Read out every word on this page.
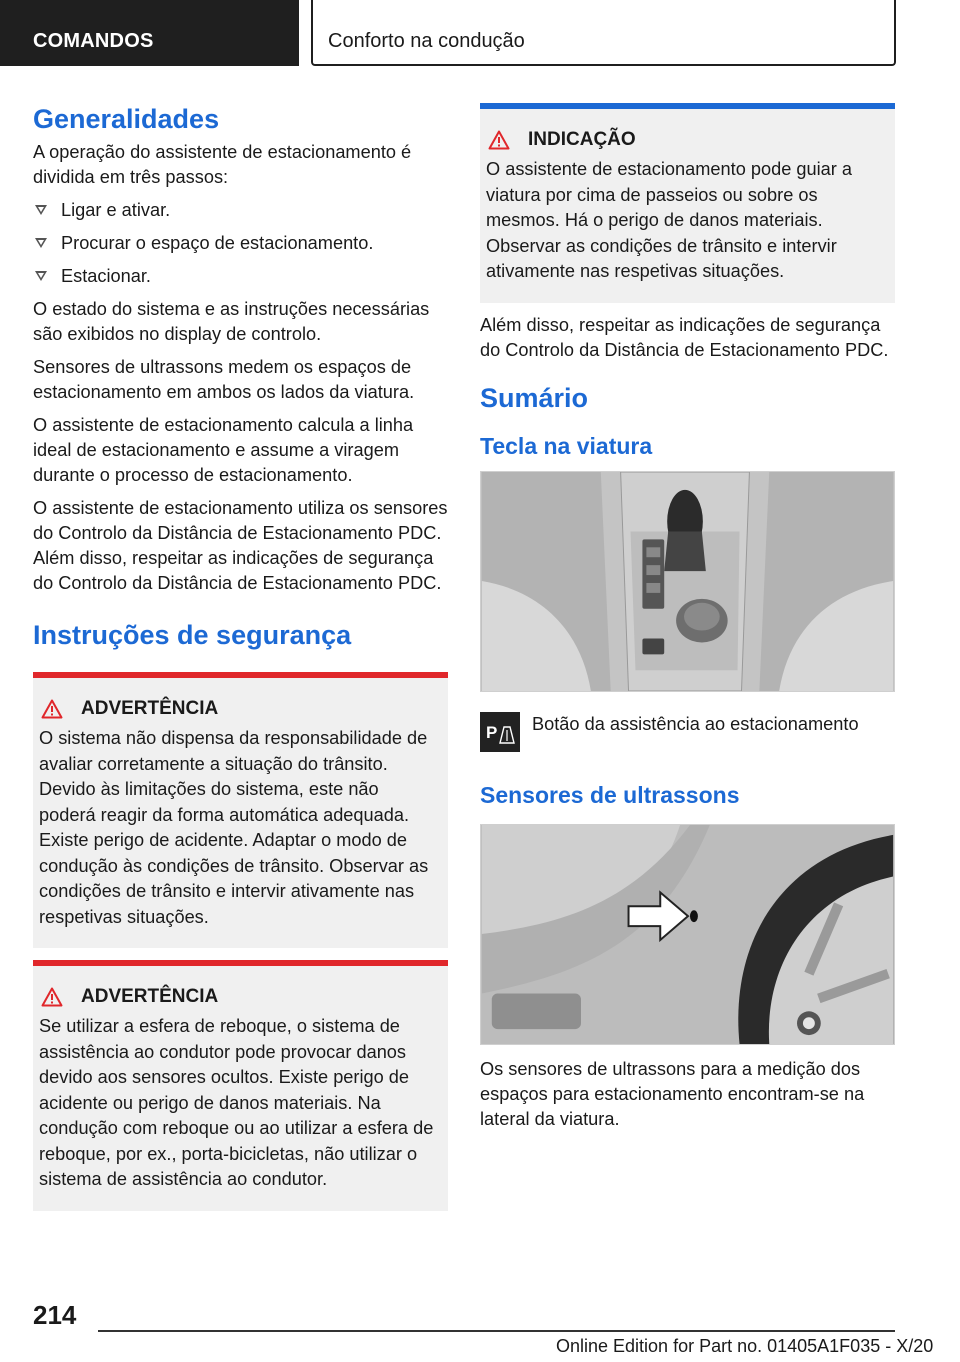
COMANDOS	Conforto na condução
Generalidades

A operação do assistente de estacionamento é dividida em três passos:

Ligar e ativar.
Procurar o espaço de estacionamento.
Estacionar.

O estado do sistema e as instruções necessárias são exibidos no display de controlo.

Sensores de ultrassons medem os espaços de estacionamento em ambos os lados da viatura.

O assistente de estacionamento calcula a linha ideal de estacionamento e assume a viragem durante o processo de estacionamento.

O assistente de estacionamento utiliza os sensores do Controlo da Distância de Estacionamento PDC. Além disso, respeitar as indicações de segurança do Controlo da Distância de Estacionamento PDC.

Instruções de segurança
ADVERTÊNCIA

O sistema não dispensa da responsabilidade de avaliar corretamente a situação do trânsito. Devido às limitações do sistema, este não poderá reagir da forma automática adequada. Existe perigo de acidente. Adaptar o modo de condução às condições de trânsito. Observar as condições de trânsito e intervir ativamente nas respetivas situações.

ADVERTÊNCIA

Se utilizar a esfera de reboque, o sistema de assistência ao condutor pode provocar danos devido aos sensores ocultos. Existe perigo de acidente ou perigo de danos materiais. Na condução com reboque ou ao utilizar a esfera de reboque, por ex., porta-bicicletas, não utilizar o sistema de assistência ao condutor.

INDICAÇÃO

O assistente de estacionamento pode guiar a viatura por cima de passeios ou sobre os mesmos. Há o perigo de danos materiais. Observar as condições de trânsito e intervir ativamente nas respetivas situações.

Além disso, respeitar as indicações de segurança do Controlo da Distância de Estacionamento PDC.

Sumário
Tecla na viatura
P Botão da assistência ao estacionamento
Sensores de ultrassons

Os sensores de ultrassons para a medição dos espaços para estacionamento encontram-se na lateral da viatura.

214
Online Edition for Part no. 01405A1F035 - X/20
